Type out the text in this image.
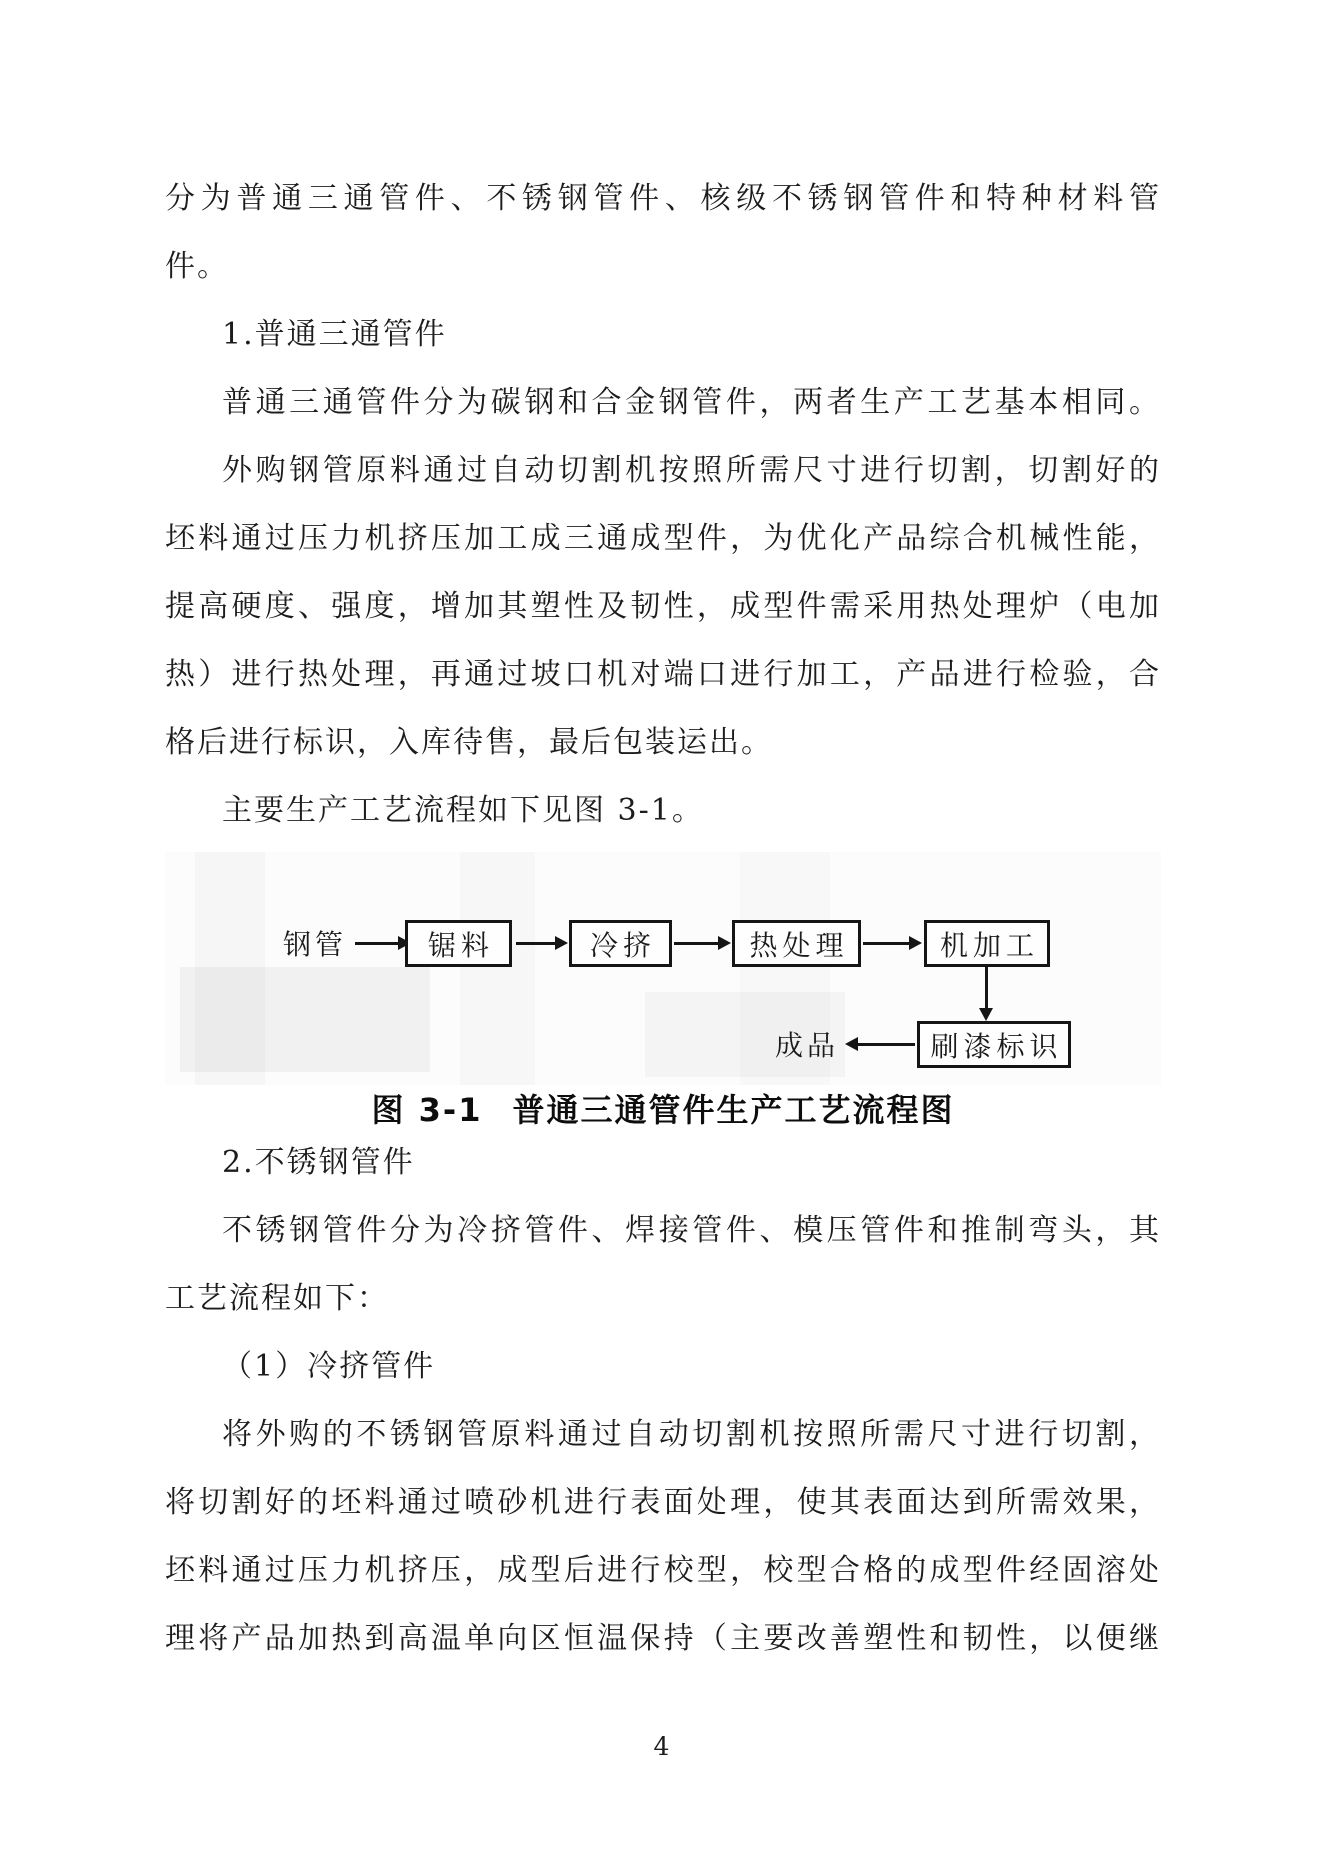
分为普通三通管件、不锈钢管件、核级不锈钢管件和特种材料管
件。
1.普通三通管件
普通三通管件分为碳钢和合金钢管件，两者生产工艺基本相同。
外购钢管原料通过自动切割机按照所需尺寸进行切割，切割好的
坯料通过压力机挤压加工成三通成型件，为优化产品综合机械性能，
提高硬度、强度，增加其塑性及韧性，成型件需采用热处理炉（电加
热）进行热处理，再通过坡口机对端口进行加工，产品进行检验，合
格后进行标识，入库待售，最后包装运出。
主要生产工艺流程如下见图 3-1。
钢管	锯料	冷挤	热处理	机加工
刷漆标识
成品
图 3-1 普通三通管件生产工艺流程图
2.不锈钢管件
不锈钢管件分为冷挤管件、焊接管件、模压管件和推制弯头，其
工艺流程如下：
（1）冷挤管件
将外购的不锈钢管原料通过自动切割机按照所需尺寸进行切割，
将切割好的坯料通过喷砂机进行表面处理，使其表面达到所需效果，
坯料通过压力机挤压，成型后进行校型，校型合格的成型件经固溶处
理将产品加热到高温单向区恒温保持（主要改善塑性和韧性，以便继
4
